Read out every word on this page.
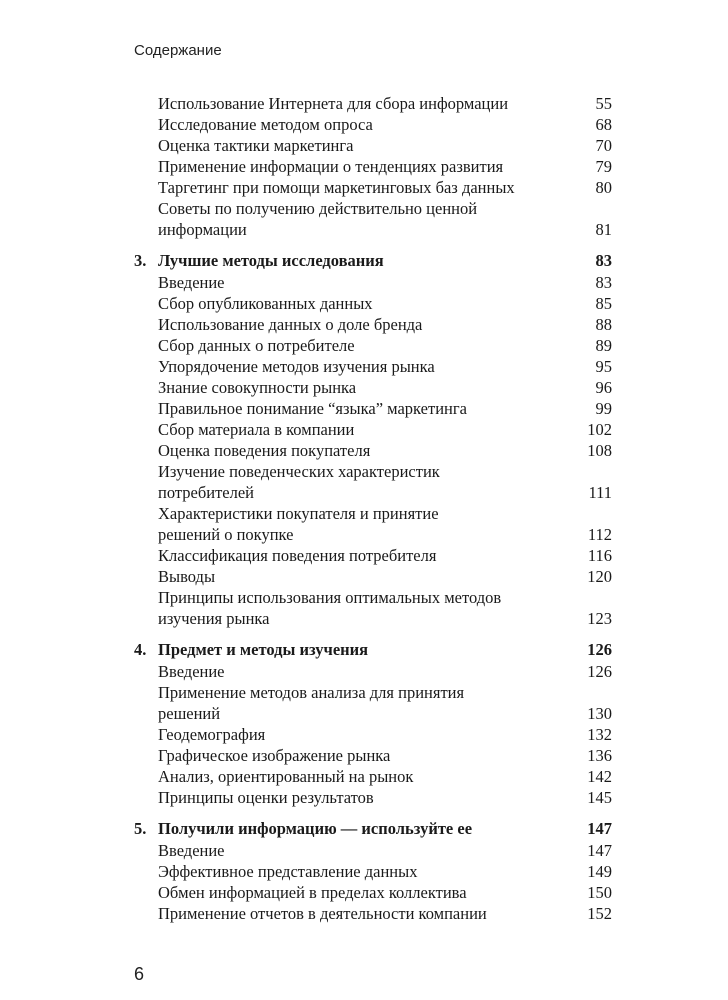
Содержание
Использование Интернета для сбора информации	55
Исследование методом опроса	68
Оценка тактики маркетинга	70
Применение информации о тенденциях развития	79
Таргетинг при помощи маркетинговых баз данных	80
Советы по получению действительно ценной
информации	81
3. Лучшие методы исследования	83
Введение	83
Сбор опубликованных данных	85
Использование данных о доле бренда	88
Сбор данных о потребителе	89
Упорядочение методов изучения рынка	95
Знание совокупности рынка	96
Правильное понимание “языка” маркетинга	99
Сбор материала в компании	102
Оценка поведения покупателя	108
Изучение поведенческих характеристик
потребителей	111
Характеристики покупателя и принятие
решений о покупке	112
Классификация поведения потребителя	116
Выводы	120
Принципы использования оптимальных методов
изучения рынка	123
4. Предмет и методы изучения	126
Введение	126
Применение методов анализа для принятия
решений	130
Геодемография	132
Графическое изображение рынка	136
Анализ, ориентированный на рынок	142
Принципы оценки результатов	145
5. Получили информацию — используйте ее	147
Введение	147
Эффективное представление данных	149
Обмен информацией в пределах коллектива	150
Применение отчетов в деятельности компании	152
6
